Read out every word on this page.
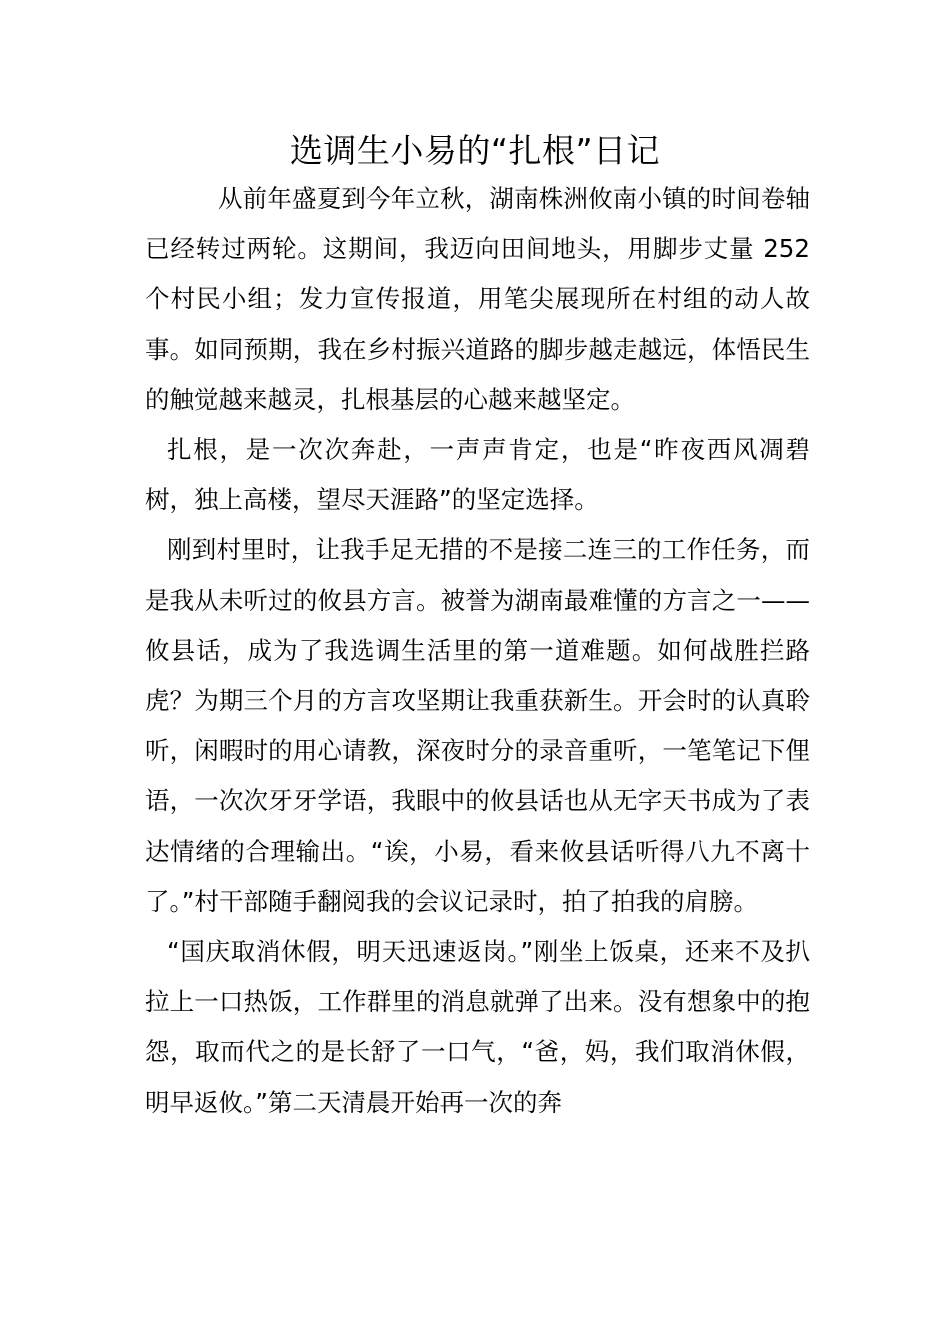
选调生小易的“扎根”日记

从前年盛夏到今年立秋，湖南株洲攸南小镇的时间卷轴已经转过两轮。这期间，我迈向田间地头，用脚步丈量 252 个村民小组；发力宣传报道，用笔尖展现所在村组的动人故事。如同预期，我在乡村振兴道路的脚步越走越远，体悟民生的触觉越来越灵，扎根基层的心越来越坚定。

扎根，是一次次奔赴，一声声肯定，也是“昨夜西风凋碧树，独上高楼，望尽天涯路”的坚定选择。

刚到村里时，让我手足无措的不是接二连三的工作任务，而是我从未听过的攸县方言。被誉为湖南最难懂的方言之一——攸县话，成为了我选调生活里的第一道难题。如何战胜拦路虎？为期三个月的方言攻坚期让我重获新生。开会时的认真聆听，闲暇时的用心请教，深夜时分的录音重听，一笔笔记下俚语，一次次牙牙学语，我眼中的攸县话也从无字天书成为了表达情绪的合理输出。“诶，小易，看来攸县话听得八九不离十了。”村干部随手翻阅我的会议记录时，拍了拍我的肩膀。

“国庆取消休假，明天迅速返岗。”刚坐上饭桌，还来不及扒拉上一口热饭，工作群里的消息就弹了出来。没有想象中的抱怨，取而代之的是长舒了一口气，“爸，妈，我们取消休假，明早返攸。”第二天清晨开始再一次的奔
